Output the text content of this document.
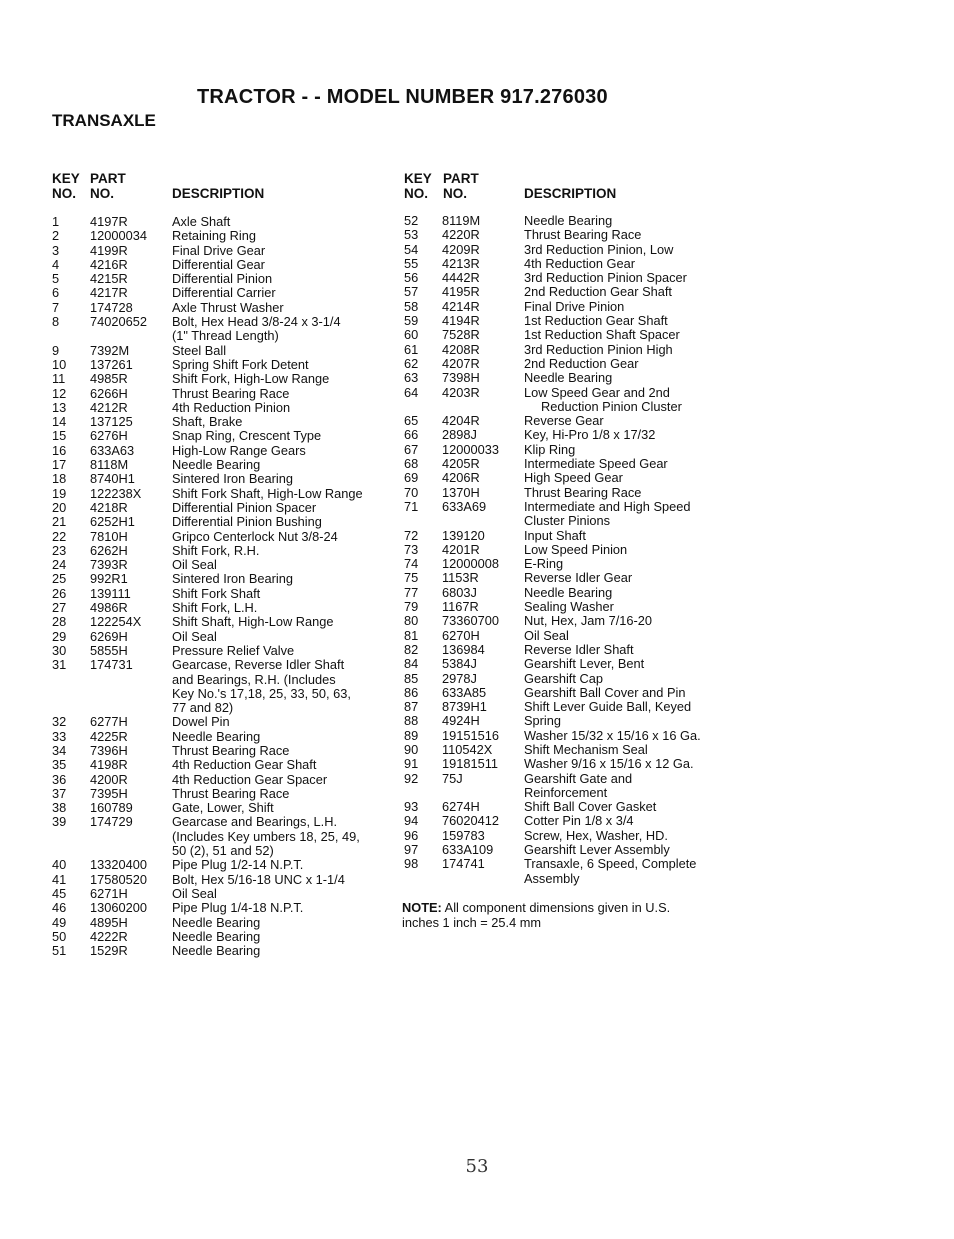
TRACTOR - - MODEL NUMBER 917.276030
TRANSAXLE
KEY
NO.
PART
NO.	DESCRIPTION
KEY
NO.
PART
NO.	DESCRIPTION
1 4197R	Axle Shaft
2 12000034 Retaining Ring
3 4199R	Final Drive Gear
4 4216R	Differential Gear
5 4215R	Differential Pinion
6 4217R	Differential Carrier
7 174728	Axle Thrust Washer
8 74020652 Bolt, Hex Head 3/8-24 x 3-1/4
(1" Thread Length)
9 7392M	Steel Ball
10 137261	Spring Shift Fork Detent
11 4985R	Shift Fork, High-Low Range
12 6266H	Thrust Bearing Race
13 4212R	4th Reduction Pinion
14 137125	Shaft, Brake
15 6276H	Snap Ring, Crescent Type
16 633A63	High-Low Range Gears
17 8118M	Needle Bearing
18 8740H1	Sintered Iron Bearing
19 122238X Shift Fork Shaft, High-Low Range
20 4218R	Differential Pinion Spacer
21 6252H1	Differential Pinion Bushing
22 7810H	Gripco Centerlock Nut 3/8-24
23 6262H	Shift Fork, R.H.
24 7393R	Oil Seal
25 992R1	Sintered Iron Bearing
26 139111	Shift Fork Shaft
27 4986R	Shift Fork, L.H.
28 122254X Shift Shaft, High-Low Range
29 6269H	Oil Seal
30 5855H	Pressure Relief Valve
31 174731	Gearcase, Reverse Idler Shaft
and Bearings, R.H. (Includes
Key No.'s 17,18, 25, 33, 50, 63,
77 and 82)
32 6277H	Dowel Pin
33 4225R	Needle Bearing
34 7396H	Thrust Bearing Race
35 4198R	4th Reduction Gear Shaft
36 4200R	4th Reduction Gear Spacer
37 7395H	Thrust Bearing Race
38 160789	Gate, Lower, Shift
39 174729	Gearcase and Bearings, L.H.
(Includes Key umbers 18, 25, 49,
50 (2), 51 and 52)
40 13320400 Pipe Plug 1/2-14 N.P.T.
41 17580520 Bolt, Hex 5/16-18 UNC x 1-1/4
45 6271H	Oil Seal
46 13060200 Pipe Plug 1/4-18 N.P.T.
49 4895H	Needle Bearing
50 4222R	Needle Bearing
51 1529R	Needle Bearing
52 8119M	Needle Bearing
53 4220R	Thrust Bearing Race
54 4209R	3rd Reduction Pinion, Low
55 4213R	4th Reduction Gear
56 4442R	3rd Reduction Pinion Spacer
57 4195R	2nd Reduction Gear Shaft
58 4214R	Final Drive Pinion
59 4194R	1st Reduction Gear Shaft
60 7528R	1st Reduction Shaft Spacer
61 4208R	3rd Reduction Pinion High
62 4207R	2nd Reduction Gear
63 7398H	Needle Bearing
64 4203R	Low Speed Gear and 2nd
Reduction Pinion Cluster
65 4204R	Reverse Gear
66 2898J	Key, Hi-Pro 1/8 x 17/32
67 12000033 Klip Ring
68 4205R	Intermediate Speed Gear
69 4206R	High Speed Gear
70 1370H	Thrust Bearing Race
71 633A69	Intermediate and High Speed
Cluster Pinions
72 139120	Input Shaft
73 4201R	Low Speed Pinion
74 12000008 E-Ring
75 1153R	Reverse Idler Gear
77 6803J	Needle Bearing
79 1167R	Sealing Washer
80 73360700 Nut, Hex, Jam 7/16-20
81 6270H	Oil Seal
82 136984	Reverse Idler Shaft
84 5384J	Gearshift Lever, Bent
85 2978J	Gearshift Cap
86 633A85	Gearshift Ball Cover and Pin
87 8739H1	Shift Lever Guide Ball, Keyed
88 4924H	Spring
89 19151516 Washer 15/32 x 15/16 x 16 Ga.
90 110542X Shift Mechanism Seal
91 19181511 Washer 9/16 x 15/16 x 12 Ga.
92 75J	Gearshift Gate and
Reinforcement
93 6274H	Shift Ball Cover Gasket
94 76020412 Cotter Pin 1/8 x 3/4
96 159783	Screw, Hex, Washer, HD.
97 633A109 Gearshift Lever Assembly
98 174741	Transaxle, 6 Speed, Complete
Assembly
NOTE: All component dimensions given in U.S.
inches 1 inch = 25.4 mm
53
